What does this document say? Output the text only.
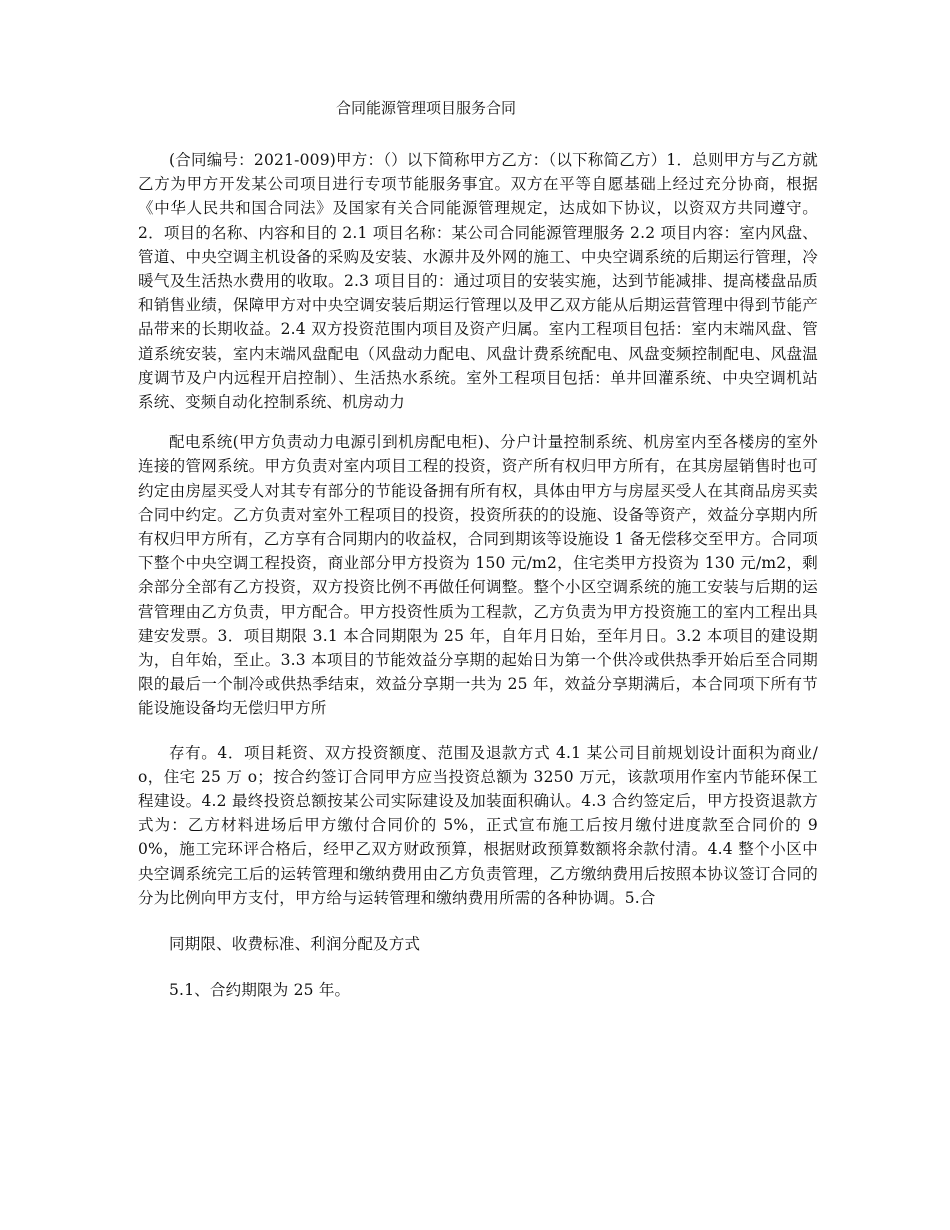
合同能源管理项目服务合同

(合同编号：2021-009)甲方：（）以下简称甲方乙方：（以下称简乙方）1．总则甲方与乙方就乙方为甲方开发某公司项目进行专项节能服务事宜。双方在平等自愿基础上经过充分协商，根据《中华人民共和国合同法》及国家有关合同能源管理规定，达成如下协议，以资双方共同遵守。2．项目的名称、内容和目的 2.1 项目名称：某公司合同能源管理服务 2.2 项目内容：室内风盘、管道、中央空调主机设备的采购及安装、水源井及外网的施工、中央空调系统的后期运行管理，冷暖气及生活热水费用的收取。2.3 项目目的：通过项目的安装实施，达到节能减排、提高楼盘品质和销售业绩，保障甲方对中央空调安装后期运行管理以及甲乙双方能从后期运营管理中得到节能产品带来的长期收益。2.4 双方投资范围内项目及资产归属。室内工程项目包括：室内末端风盘、管道系统安装，室内末端风盘配电（风盘动力配电、风盘计费系统配电、风盘变频控制配电、风盘温度调节及户内远程开启控制）、生活热水系统。室外工程项目包括：单井回灌系统、中央空调机站系统、变频自动化控制系统、机房动力

配电系统(甲方负责动力电源引到机房配电柜)、分户计量控制系统、机房室内至各楼房的室外连接的管网系统。甲方负责对室内项目工程的投资，资产所有权归甲方所有，在其房屋销售时也可约定由房屋买受人对其专有部分的节能设备拥有所有权，具体由甲方与房屋买受人在其商品房买卖合同中约定。乙方负责对室外工程项目的投资，投资所获的的设施、设备等资产，效益分享期内所有权归甲方所有，乙方享有合同期内的收益权，合同到期该等设施设 1 备无偿移交至甲方。合同项下整个中央空调工程投资，商业部分甲方投资为 150 元/m2，住宅类甲方投资为 130 元/m2，剩余部分全部有乙方投资，双方投资比例不再做任何调整。整个小区空调系统的施工安装与后期的运营管理由乙方负责，甲方配合。甲方投资性质为工程款，乙方负责为甲方投资施工的室内工程出具建安发票。3．项目期限 3.1 本合同期限为 25 年，自年月日始，至年月日。3.2 本项目的建设期为，自年始，至止。3.3 本项目的节能效益分享期的起始日为第一个供冷或供热季开始后至合同期限的最后一个制冷或供热季结束，效益分享期一共为 25 年，效益分享期满后，本合同项下所有节能设施设备均无偿归甲方所

存有。4．项目耗资、双方投资额度、范围及退款方式 4.1 某公司目前规划设计面积为商业/o，住宅 25 万 o；按合约签订合同甲方应当投资总额为 3250 万元，该款项用作室内节能环保工程建设。4.2 最终投资总额按某公司实际建设及加装面积确认。4.3 合约签定后，甲方投资退款方式为：乙方材料进场后甲方缴付合同价的 5%，正式宣布施工后按月缴付进度款至合同价的 90%，施工完环评合格后，经甲乙双方财政预算，根据财政预算数额将余款付清。4.4 整个小区中央空调系统完工后的运转管理和缴纳费用由乙方负责管理，乙方缴纳费用后按照本协议签订合同的分为比例向甲方支付，甲方给与运转管理和缴纳费用所需的各种协调。5.合

同期限、收费标准、利润分配及方式

5.1、合约期限为 25 年。
